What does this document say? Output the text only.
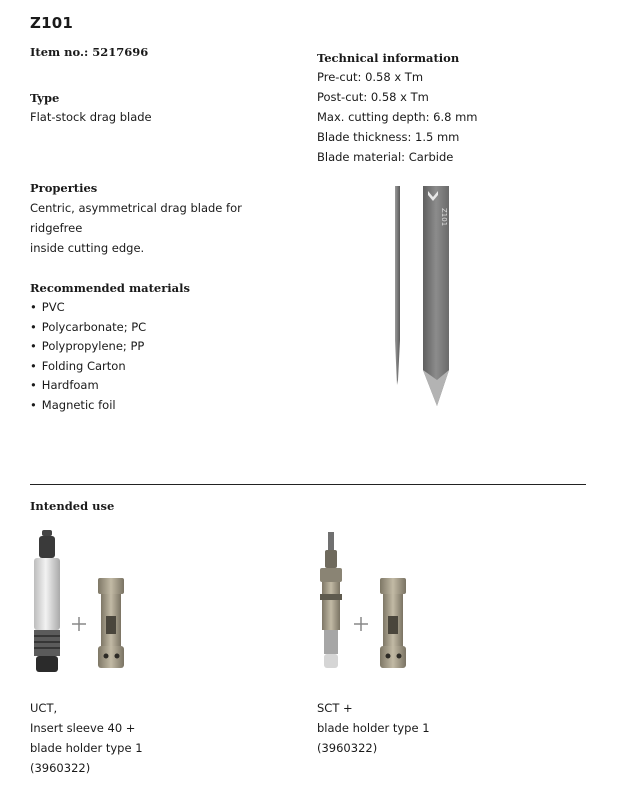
Z101
Item no.: 5217696
Type
Flat-stock drag blade
Technical information
Pre-cut: 0.58 x Tm
Post-cut: 0.58 x Tm
Max. cutting depth: 6.8 mm
Blade thickness: 1.5 mm
Blade material: Carbide
Properties
Centric, asymmetrical drag blade for
ridgefree
inside cutting edge.
Recommended materials
• PVC
• Polycarbonate; PC
• Polypropylene; PP
• Folding Carton
• Hardfoam
• Magnetic foil
Z101
Intended use
UCT,
Insert sleeve 40 +
blade holder type 1
(3960322)
SCT +
blade holder type 1
(3960322)
